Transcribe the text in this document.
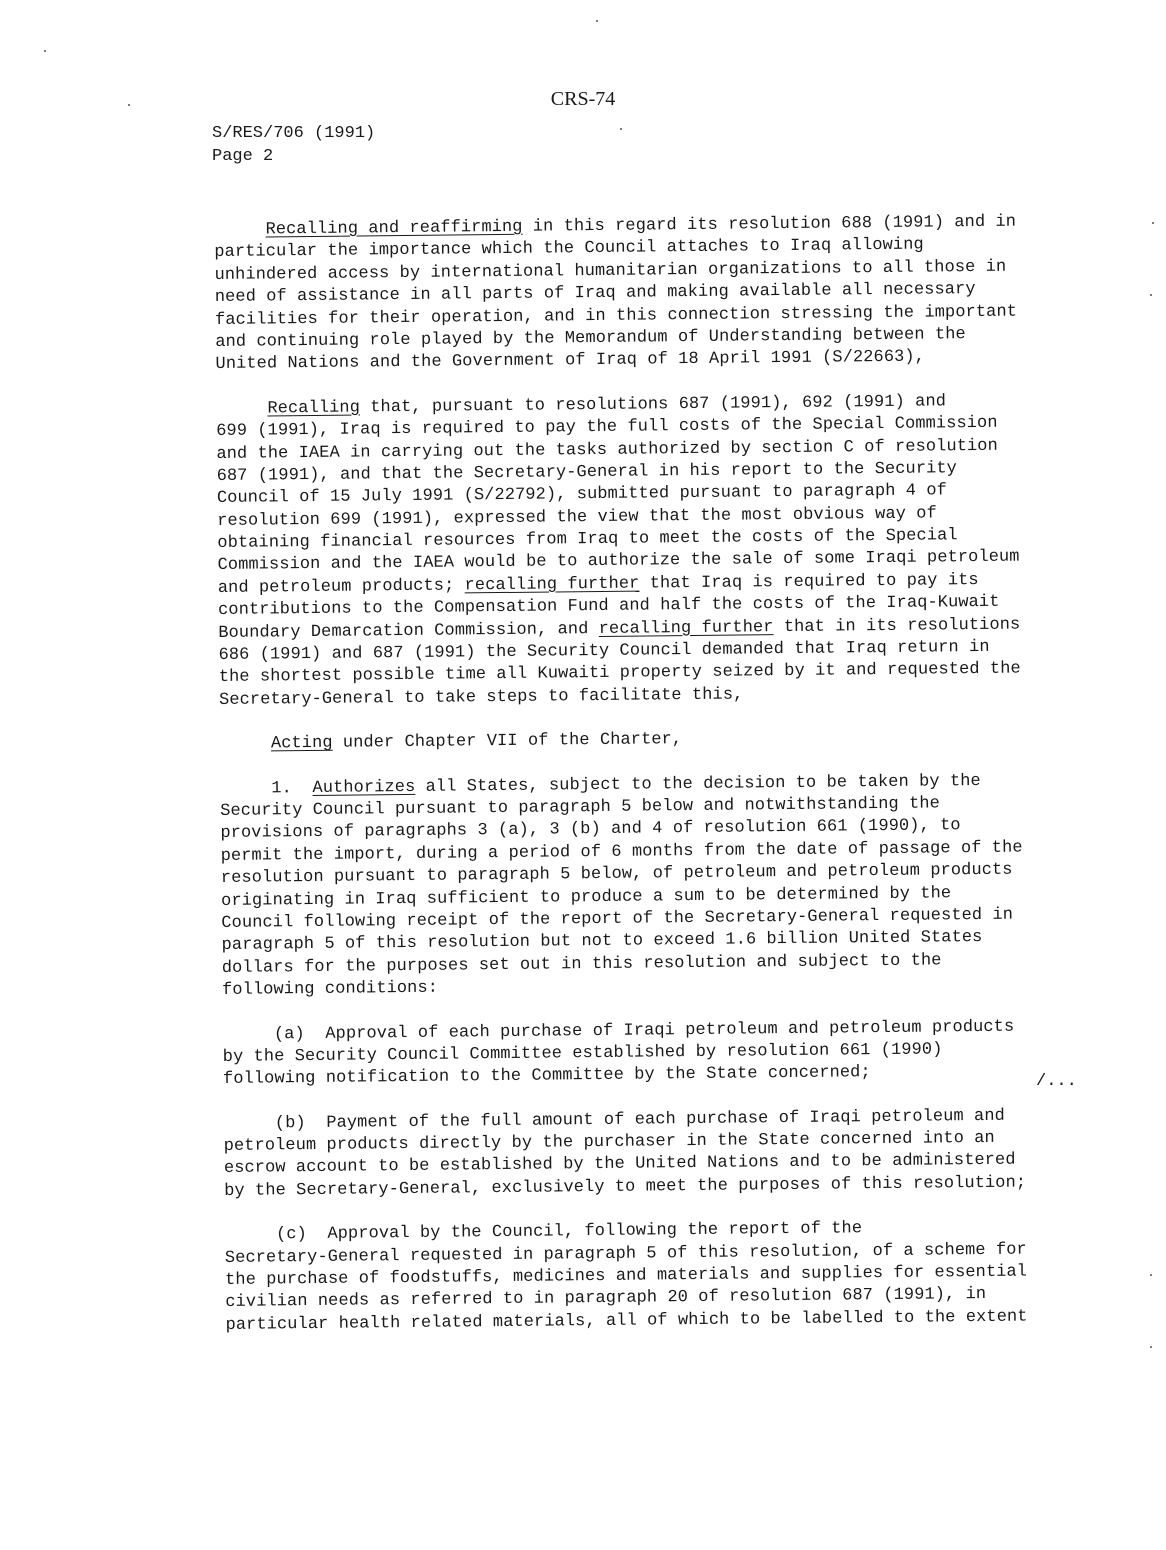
CRS-74
S/RES/706 (1991)
Page 2
Recalling and reaffirming in this regard its resolution 688 (1991) and in
particular the importance which the Council attaches to Iraq allowing
unhindered access by international humanitarian organizations to all those in
need of assistance in all parts of Iraq and making available all necessary
facilities for their operation, and in this connection stressing the important
and continuing role played by the Memorandum of Understanding between the
United Nations and the Government of Iraq of 18 April 1991 (S/22663),
Recalling that, pursuant to resolutions 687 (1991), 692 (1991) and
699 (1991), Iraq is required to pay the full costs of the Special Commission
and the IAEA in carrying out the tasks authorized by section C of resolution
687 (1991), and that the Secretary-General in his report to the Security
Council of 15 July 1991 (S/22792), submitted pursuant to paragraph 4 of
resolution 699 (1991), expressed the view that the most obvious way of
obtaining financial resources from Iraq to meet the costs of the Special
Commission and the IAEA would be to authorize the sale of some Iraqi petroleum
and petroleum products; recalling further that Iraq is required to pay its
contributions to the Compensation Fund and half the costs of the Iraq-Kuwait
Boundary Demarcation Commission, and recalling further that in its resolutions
686 (1991) and 687 (1991) the Security Council demanded that Iraq return in
the shortest possible time all Kuwaiti property seized by it and requested the
Secretary-General to take steps to facilitate this,
Acting under Chapter VII of the Charter,
1.  Authorizes all States, subject to the decision to be taken by the
Security Council pursuant to paragraph 5 below and notwithstanding the
provisions of paragraphs 3 (a), 3 (b) and 4 of resolution 661 (1990), to
permit the import, during a period of 6 months from the date of passage of the
resolution pursuant to paragraph 5 below, of petroleum and petroleum products
originating in Iraq sufficient to produce a sum to be determined by the
Council following receipt of the report of the Secretary-General requested in
paragraph 5 of this resolution but not to exceed 1.6 billion United States
dollars for the purposes set out in this resolution and subject to the
following conditions:
(a)  Approval of each purchase of Iraqi petroleum and petroleum products
by the Security Council Committee established by resolution 661 (1990)
following notification to the Committee by the State concerned;
(b)  Payment of the full amount of each purchase of Iraqi petroleum and
petroleum products directly by the purchaser in the State concerned into an
escrow account to be established by the United Nations and to be administered
by the Secretary-General, exclusively to meet the purposes of this resolution;
(c)  Approval by the Council, following the report of the
Secretary-General requested in paragraph 5 of this resolution, of a scheme for
the purchase of foodstuffs, medicines and materials and supplies for essential
civilian needs as referred to in paragraph 20 of resolution 687 (1991), in
particular health related materials, all of which to be labelled to the extent
/...
